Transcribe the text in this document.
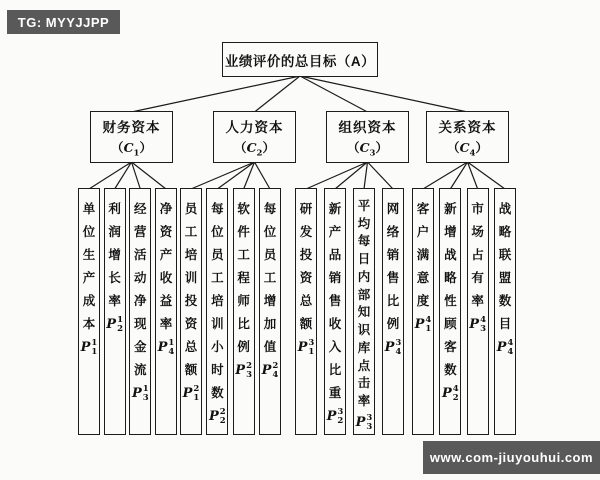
TG: MYYJJPP
业绩评价的总目标（A）
www.com-jiuyouhui.com
财务资本
$(C_1)$
单
位
生
产
成
本
P 1
1
利
润
增
长
率
P 1
2
经
营
活
动
净
现
金
流
P 1
3
净
资
产
收
益
率
P 1
4
人力资本
$(C_2)$
员
工
培
训
投
资
总
额
P 2
1
每
位
员
工
培
训
小
时
数
P 2
2
软
件
工
程
师
比
例
P 2
3
每
位
员
工
增
加
值
P 2
4
组织资本
$(C_3)$
研
发
投
资
总
额
P 3
1
新
产
品
销
售
收
入
比
重
P 3
2
平
均
每
日
内
部
知
识
库
点
击
率
P 3
3
网
络
销
售
比
例
P 3
4
关系资本
$(C_4)$
客
户
满
意
度
P 4
1
新
增
战
略
性
顾
客
数
P 4
2
市
场
占
有
率
P 4
3
战
略
联
盟
数
目
P 4
4
